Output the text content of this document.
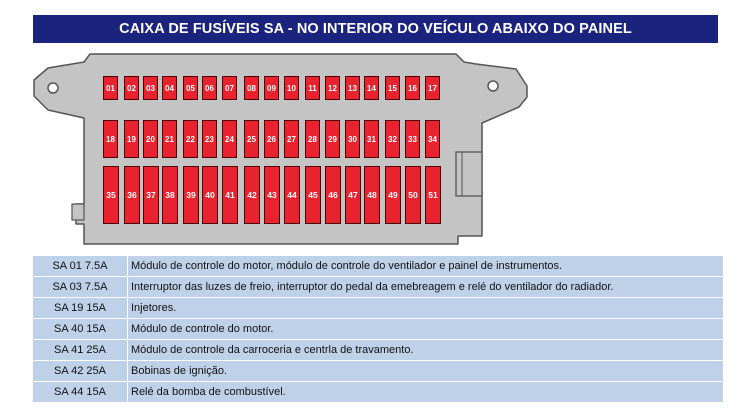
CAIXA DE FUSÍVEIS SA - NO INTERIOR DO VEÍCULO ABAIXO DO PAINEL
01	02	03	04	05	06	07	08	09	10	11	12	13	14	15	16	17
18	19	20	21	22	23	24	25	26	27	28	29	30	31	32	33	34
35	36	37	38	39	40	41	42	43	44	45	46	47	48	49	50	51
SA 01 7.5A	Módulo de controle do motor, módulo de controle do ventilador e painel de instrumentos.
SA 03 7.5A	Interruptor das luzes de freio, interruptor do pedal da emebreagem e relé do ventilador do radiador.
SA 19 15A	Injetores.
SA 40 15A	Módulo de controle do motor.
SA 41 25A	Módulo de controle da carroceria e centrla de travamento.
SA 42 25A	Bobinas de ignição.
SA 44 15A	Relé da bomba de combustível.
